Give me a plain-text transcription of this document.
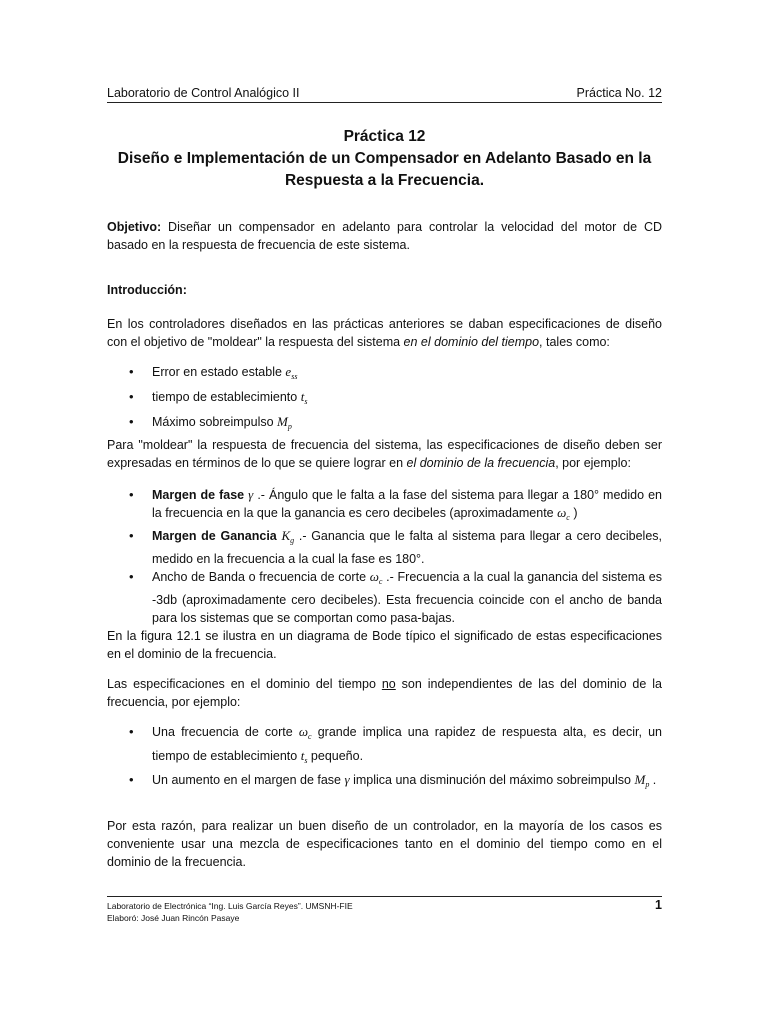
Laboratorio de Control Analógico II	Práctica No. 12
Práctica 12
Diseño e Implementación de un Compensador en Adelanto Basado en la
Respuesta a la Frecuencia.
Objetivo: Diseñar un compensador en adelanto para controlar la velocidad del motor de CD basado en la respuesta de frecuencia de este sistema.
Introducción:
En los controladores diseñados en las prácticas anteriores se daban especificaciones de diseño con el objetivo de "moldear" la respuesta del sistema en el dominio del tiempo, tales como:
• Error en estado estable $e_{ss}$
• tiempo de establecimiento $t_s$
• Máximo sobreimpulso $M_p$
Para "moldear" la respuesta de frecuencia del sistema, las especificaciones de diseño deben ser expresadas en términos de lo que se quiere lograr en el dominio de la frecuencia, por ejemplo:
• Margen de fase γ .- Ángulo que le falta a la fase del sistema para llegar a 180° medido en la frecuencia en la que la ganancia es cero decibeles (aproximadamente $\omega_c$ )
• Margen de Ganancia $K_g$ .- Ganancia que le falta al sistema para llegar a cero decibeles, medido en la frecuencia a la cual la fase es 180°.
• Ancho de Banda o frecuencia de corte $\omega_c$ .- Frecuencia a la cual la ganancia del sistema es -3db (aproximadamente cero decibeles). Esta frecuencia coincide con el ancho de banda para los sistemas que se comportan como pasa-bajas.
En la figura 12.1 se ilustra en un diagrama de Bode típico el significado de estas especificaciones en el dominio de la frecuencia.
Las especificaciones en el dominio del tiempo no son independientes de las del dominio de la frecuencia, por ejemplo:
• Una frecuencia de corte $\omega_c$ grande implica una rapidez de respuesta alta, es decir, un tiempo de establecimiento $t_s$ pequeño.
• Un aumento en el margen de fase γ implica una disminución del máximo sobreimpulso $M_p$ .
Por esta razón, para realizar un buen diseño de un controlador, en la mayoría de los casos es conveniente usar una mezcla de especificaciones tanto en el dominio del tiempo como en el dominio de la frecuencia.
Laboratorio de Electrónica “Ing. Luis García Reyes”. UMSNH-FIE
Elaboró: José Juan Rincón Pasaye
1
